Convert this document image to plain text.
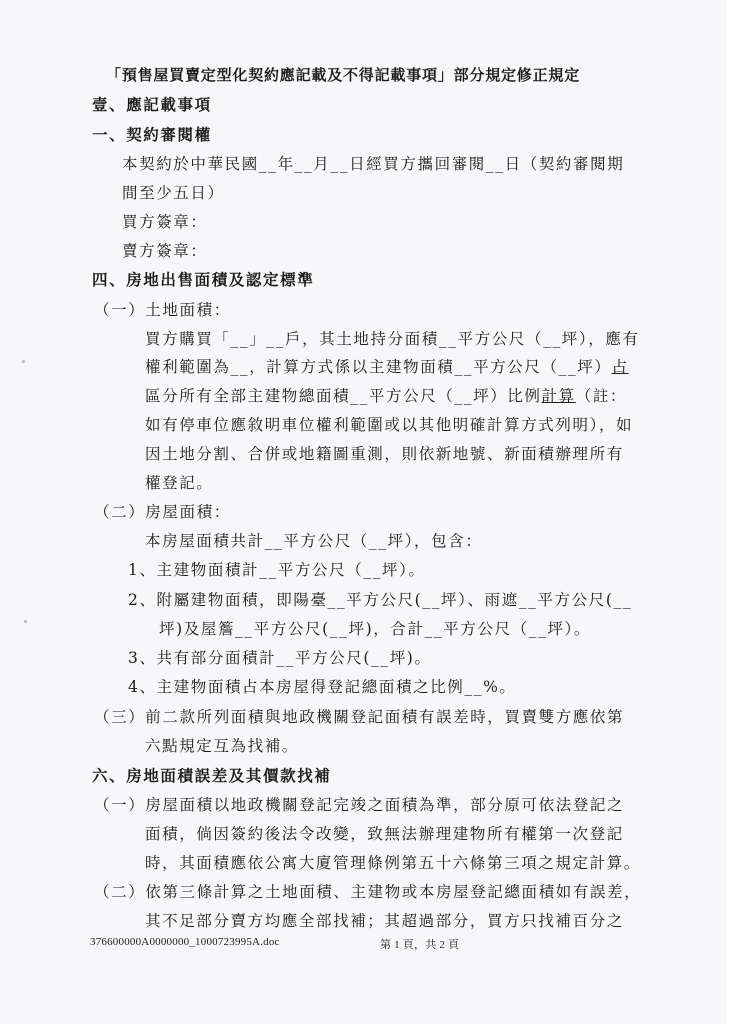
「預售屋買賣定型化契約應記載及不得記載事項」部分規定修正規定
壹、應記載事項
一、契約審閱權
本契約於中華民國__年__月__日經買方攜回審閱__日（契約審閱期
間至少五日）
買方簽章：
賣方簽章：
四、房地出售面積及認定標準
（一）土地面積：
買方購買「__」__戶，其土地持分面積__平方公尺（__坪），應有
權利範圍為__，計算方式係以主建物面積__平方公尺（__坪）占
區分所有全部主建物總面積__平方公尺（__坪）比例計算（註：
如有停車位應敘明車位權利範圍或以其他明確計算方式列明），如
因土地分割、合併或地籍圖重測，則依新地號、新面積辦理所有
權登記。
（二）房屋面積：
本房屋面積共計__平方公尺（__坪），包含：
1、主建物面積計__平方公尺（__坪）。
2、附屬建物面積，即陽臺__平方公尺(__坪）、雨遮__平方公尺(__
坪)及屋簷__平方公尺(__坪)，合計__平方公尺（__坪）。
3、共有部分面積計__平方公尺(__坪)。
4、主建物面積占本房屋得登記總面積之比例__%。
（三）前二款所列面積與地政機關登記面積有誤差時，買賣雙方應依第
六點規定互為找補。
六、房地面積誤差及其價款找補
（一）房屋面積以地政機關登記完竣之面積為準，部分原可依法登記之
面積，倘因簽約後法令改變，致無法辦理建物所有權第一次登記
時，其面積應依公寓大廈管理條例第五十六條第三項之規定計算。
（二）依第三條計算之土地面積、主建物或本房屋登記總面積如有誤差，
其不足部分賣方均應全部找補；其超過部分，買方只找補百分之
376600000A0000000_1000723995A.doc	第 1 頁，共 2 頁
